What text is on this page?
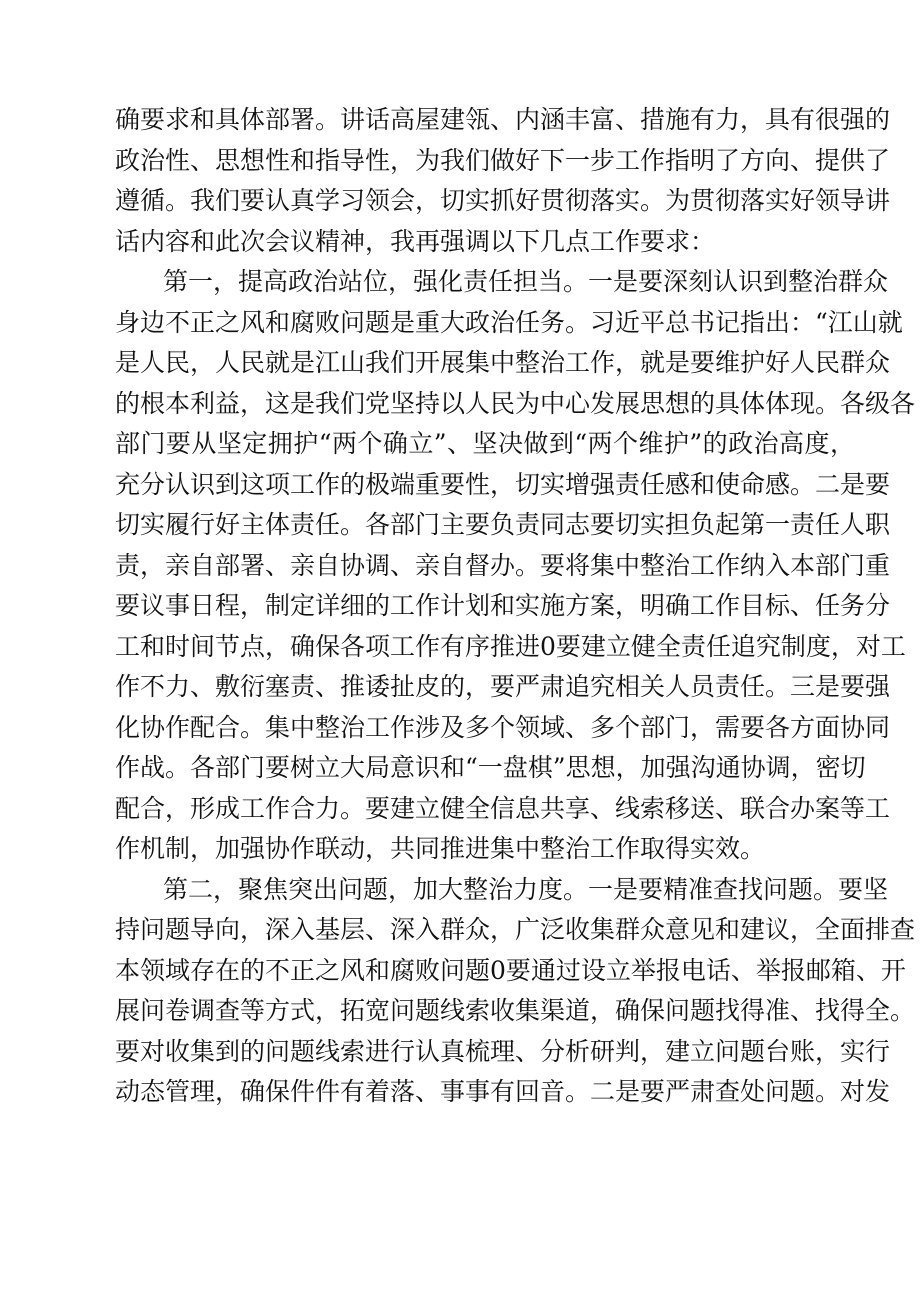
确要求和具体部署。讲话高屋建瓴、内涵丰富、措施有力，具有很强的
政治性、思想性和指导性，为我们做好下一步工作指明了方向、提供了
遵循。我们要认真学习领会，切实抓好贯彻落实。为贯彻落实好领导讲
话内容和此次会议精神，我再强调以下几点工作要求：
第一，提高政治站位，强化责任担当。一是要深刻认识到整治群众
身边不正之风和腐败问题是重大政治任务。习近平总书记指出：“江山就
是人民，人民就是江山我们开展集中整治工作，就是要维护好人民群众
的根本利益，这是我们党坚持以人民为中心发展思想的具体体现。各级各
部门要从坚定拥护“两个确立”、坚决做到“两个维护”的政治高度，
充分认识到这项工作的极端重要性，切实增强责任感和使命感。二是要
切实履行好主体责任。各部门主要负责同志要切实担负起第一责任人职
责，亲自部署、亲自协调、亲自督办。要将集中整治工作纳入本部门重
要议事日程，制定详细的工作计划和实施方案，明确工作目标、任务分
工和时间节点，确保各项工作有序推进0要建立健全责任追究制度，对工
作不力、敷衍塞责、推诿扯皮的，要严肃追究相关人员责任。三是要强
化协作配合。集中整治工作涉及多个领域、多个部门，需要各方面协同
作战。各部门要树立大局意识和“一盘棋”思想，加强沟通协调，密切
配合，形成工作合力。要建立健全信息共享、线索移送、联合办案等工
作机制，加强协作联动，共同推进集中整治工作取得实效。
第二，聚焦突出问题，加大整治力度。一是要精准查找问题。要坚
持问题导向，深入基层、深入群众，广泛收集群众意见和建议，全面排查
本领域存在的不正之风和腐败问题0要通过设立举报电话、举报邮箱、开
展问卷调查等方式，拓宽问题线索收集渠道，确保问题找得准、找得全。
要对收集到的问题线索进行认真梳理、分析研判，建立问题台账，实行
动态管理，确保件件有着落、事事有回音。二是要严肃查处问题。对发
